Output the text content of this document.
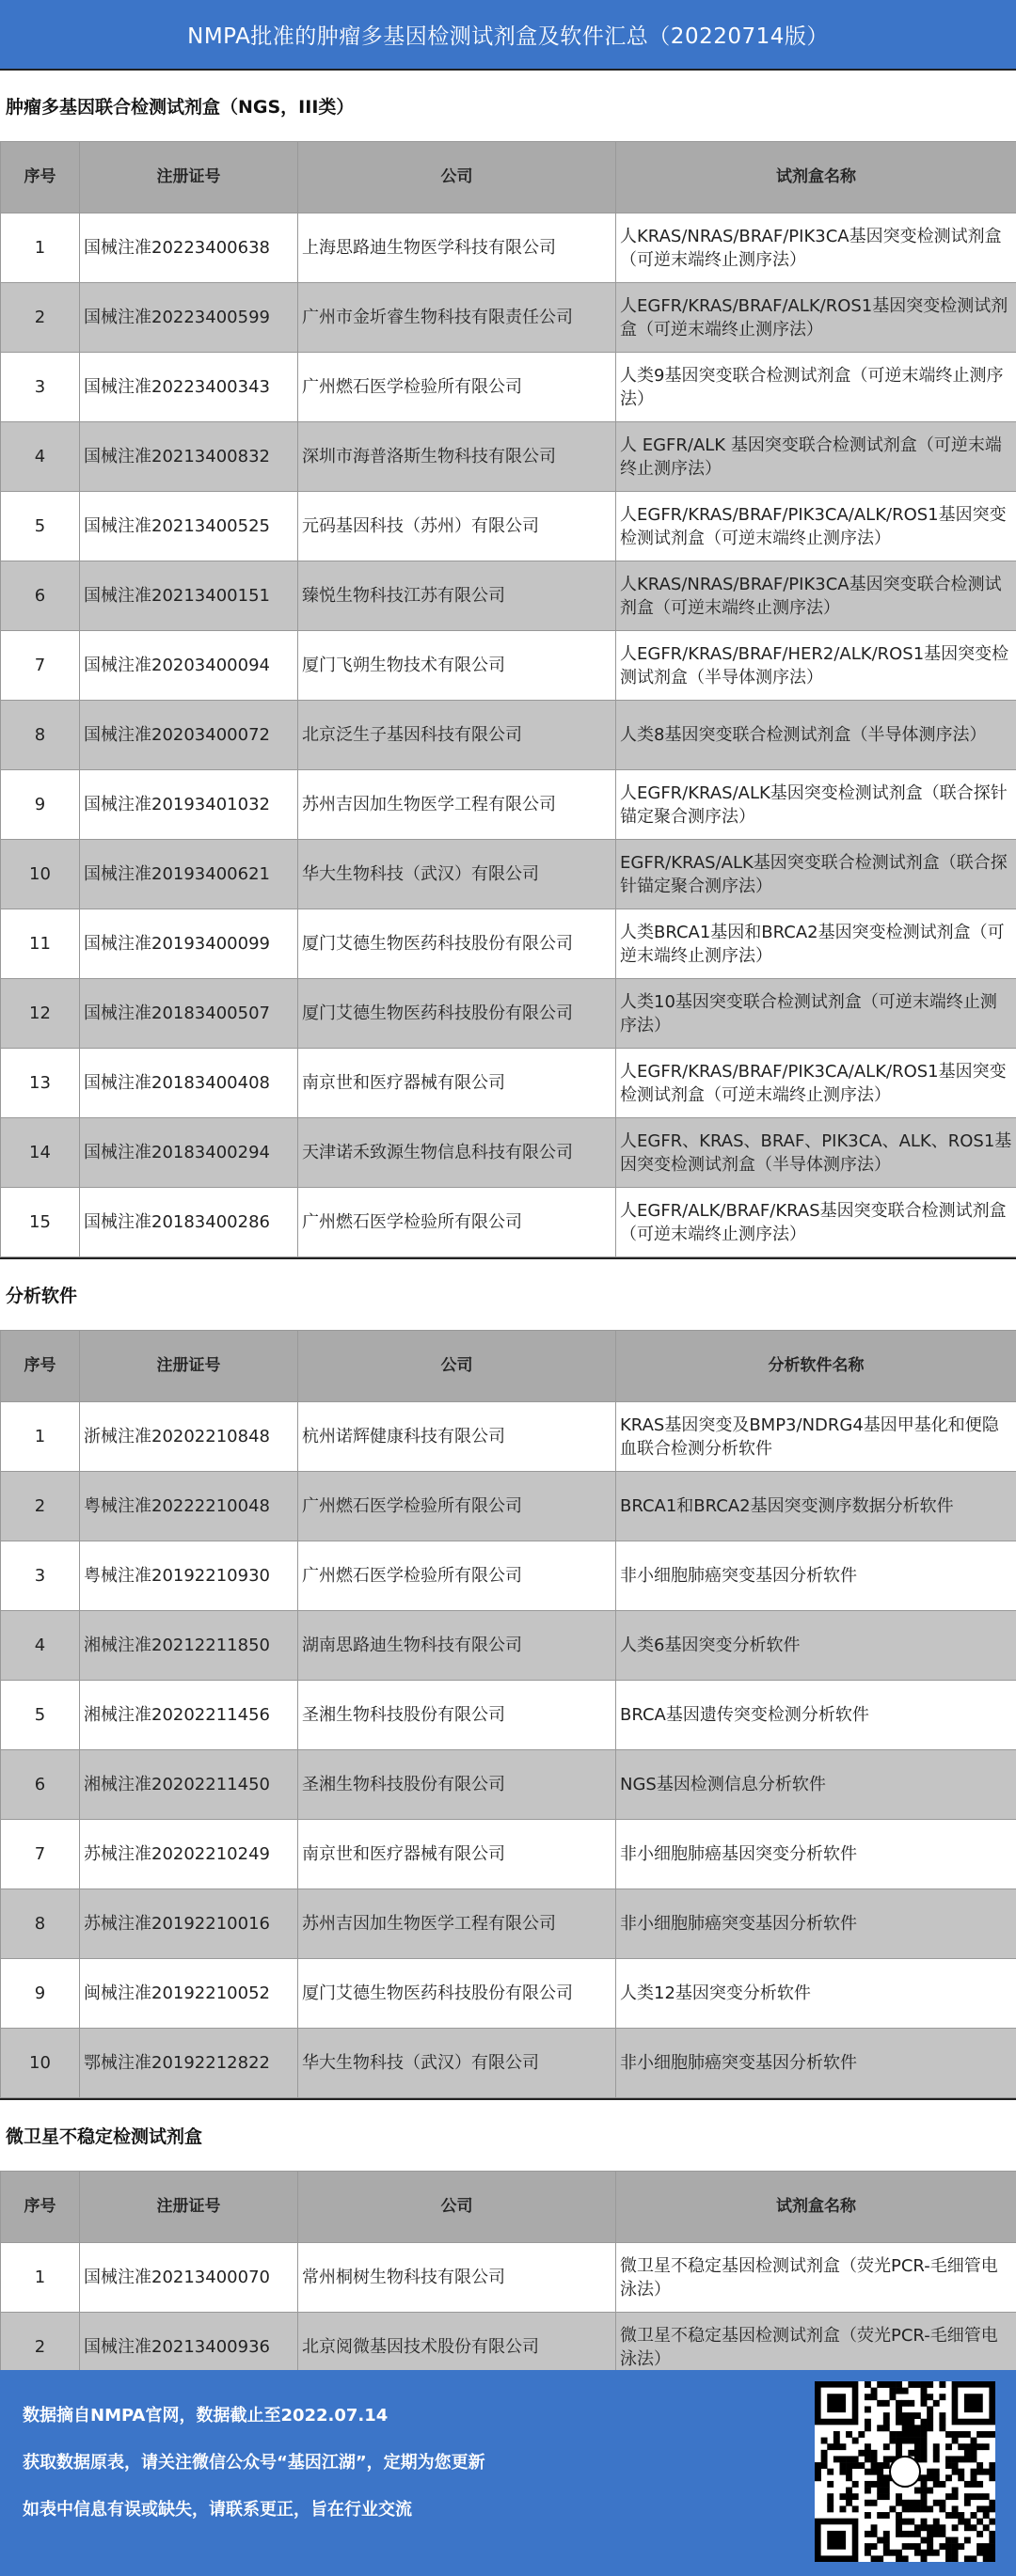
NMPA批准的肿瘤多基因检测试剂盒及软件汇总（20220714版）
肿瘤多基因联合检测试剂盒（NGS，III类）
序号	注册证号	公司	试剂盒名称
1	国械注准20223400638	上海思路迪生物医学科技有限公司	人KRAS/NRAS/BRAF/PIK3CA基因突变检测试剂盒（可逆末端终止测序法）
2	国械注准20223400599	广州市金圻睿生物科技有限责任公司	人EGFR/KRAS/BRAF/ALK/ROS1基因突变检测试剂盒（可逆末端终止测序法）
3	国械注准20223400343	广州燃石医学检验所有限公司	人类9基因突变联合检测试剂盒（可逆末端终止测序法）
4	国械注准20213400832	深圳市海普洛斯生物科技有限公司	人 EGFR/ALK 基因突变联合检测试剂盒（可逆末端终止测序法）
5	国械注准20213400525	元码基因科技（苏州）有限公司	人EGFR/KRAS/BRAF/PIK3CA/ALK/ROS1基因突变检测试剂盒（可逆末端终止测序法）
6	国械注准20213400151	臻悦生物科技江苏有限公司	人KRAS/NRAS/BRAF/PIK3CA基因突变联合检测试剂盒（可逆末端终止测序法）
7	国械注准20203400094	厦门飞朔生物技术有限公司	人EGFR/KRAS/BRAF/HER2/ALK/ROS1基因突变检测试剂盒（半导体测序法）
8	国械注准20203400072	北京泛生子基因科技有限公司	人类8基因突变联合检测试剂盒（半导体测序法）
9	国械注准20193401032	苏州吉因加生物医学工程有限公司	人EGFR/KRAS/ALK基因突变检测试剂盒（联合探针锚定聚合测序法）
10	国械注准20193400621	华大生物科技（武汉）有限公司	EGFR/KRAS/ALK基因突变联合检测试剂盒（联合探针锚定聚合测序法）
11	国械注准20193400099	厦门艾德生物医药科技股份有限公司	人类BRCA1基因和BRCA2基因突变检测试剂盒（可逆末端终止测序法）
12	国械注准20183400507	厦门艾德生物医药科技股份有限公司	人类10基因突变联合检测试剂盒（可逆末端终止测序法）
13	国械注准20183400408	南京世和医疗器械有限公司	人EGFR/KRAS/BRAF/PIK3CA/ALK/ROS1基因突变检测试剂盒（可逆末端终止测序法）
14	国械注准20183400294	天津诺禾致源生物信息科技有限公司	人EGFR、KRAS、BRAF、PIK3CA、ALK、ROS1基因突变检测试剂盒（半导体测序法）
15	国械注准20183400286	广州燃石医学检验所有限公司	人EGFR/ALK/BRAF/KRAS基因突变联合检测试剂盒（可逆末端终止测序法）
分析软件
序号	注册证号	公司	分析软件名称
1	浙械注准20202210848	杭州诺辉健康科技有限公司	KRAS基因突变及BMP3/NDRG4基因甲基化和便隐血联合检测分析软件
2	粤械注准20222210048	广州燃石医学检验所有限公司	BRCA1和BRCA2基因突变测序数据分析软件
3	粤械注准20192210930	广州燃石医学检验所有限公司	非小细胞肺癌突变基因分析软件
4	湘械注准20212211850	湖南思路迪生物科技有限公司	人类6基因突变分析软件
5	湘械注准20202211456	圣湘生物科技股份有限公司	BRCA基因遗传突变检测分析软件
6	湘械注准20202211450	圣湘生物科技股份有限公司	NGS基因检测信息分析软件
7	苏械注准20202210249	南京世和医疗器械有限公司	非小细胞肺癌基因突变分析软件
8	苏械注准20192210016	苏州吉因加生物医学工程有限公司	非小细胞肺癌突变基因分析软件
9	闽械注准20192210052	厦门艾德生物医药科技股份有限公司	人类12基因突变分析软件
10	鄂械注准20192212822	华大生物科技（武汉）有限公司	非小细胞肺癌突变基因分析软件
微卫星不稳定检测试剂盒
序号	注册证号	公司	试剂盒名称
1	国械注准20213400070	常州桐树生物科技有限公司	微卫星不稳定基因检测试剂盒（荧光PCR-毛细管电泳法）
2	国械注准20213400936	北京阅微基因技术股份有限公司	微卫星不稳定基因检测试剂盒（荧光PCR-毛细管电泳法）
数据摘自NMPA官网，数据截止至2022.07.14
获取数据原表，请关注微信公众号“基因江湖”，定期为您更新
如表中信息有误或缺失，请联系更正，旨在行业交流
